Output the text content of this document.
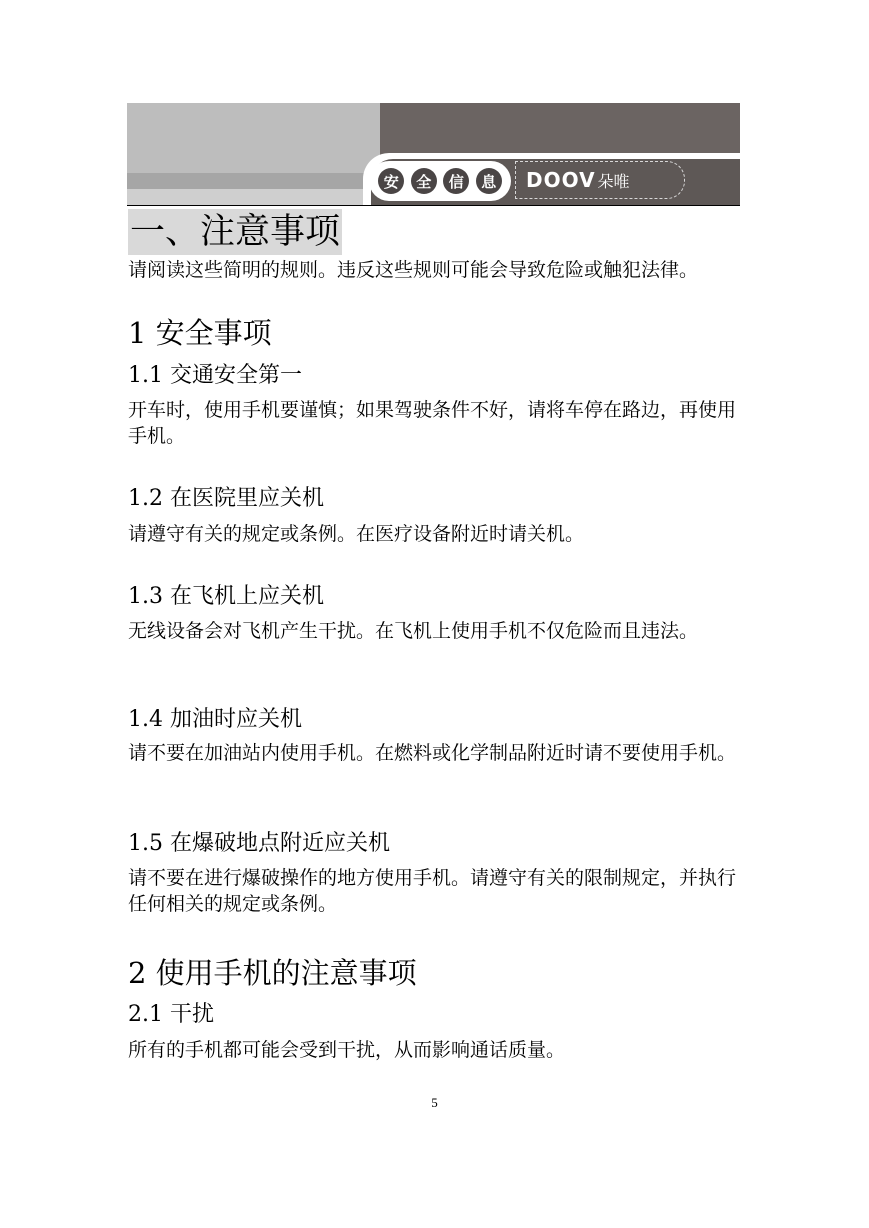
安	全	信	息 DOOV 朵唯
一、注意事项
请阅读这些简明的规则。违反这些规则可能会导致危险或触犯法律。
1 安全事项
1.1 交通安全第一
开车时，使用手机要谨慎；如果驾驶条件不好，请将车停在路边，再使用手机。
1.2 在医院里应关机
请遵守有关的规定或条例。在医疗设备附近时请关机。
1.3 在飞机上应关机
无线设备会对飞机产生干扰。在飞机上使用手机不仅危险而且违法。
1.4 加油时应关机
请不要在加油站内使用手机。在燃料或化学制品附近时请不要使用手机。
1.5 在爆破地点附近应关机
请不要在进行爆破操作的地方使用手机。请遵守有关的限制规定，并执行任何相关的规定或条例。
2 使用手机的注意事项
2.1 干扰
所有的手机都可能会受到干扰，从而影响通话质量。
5
